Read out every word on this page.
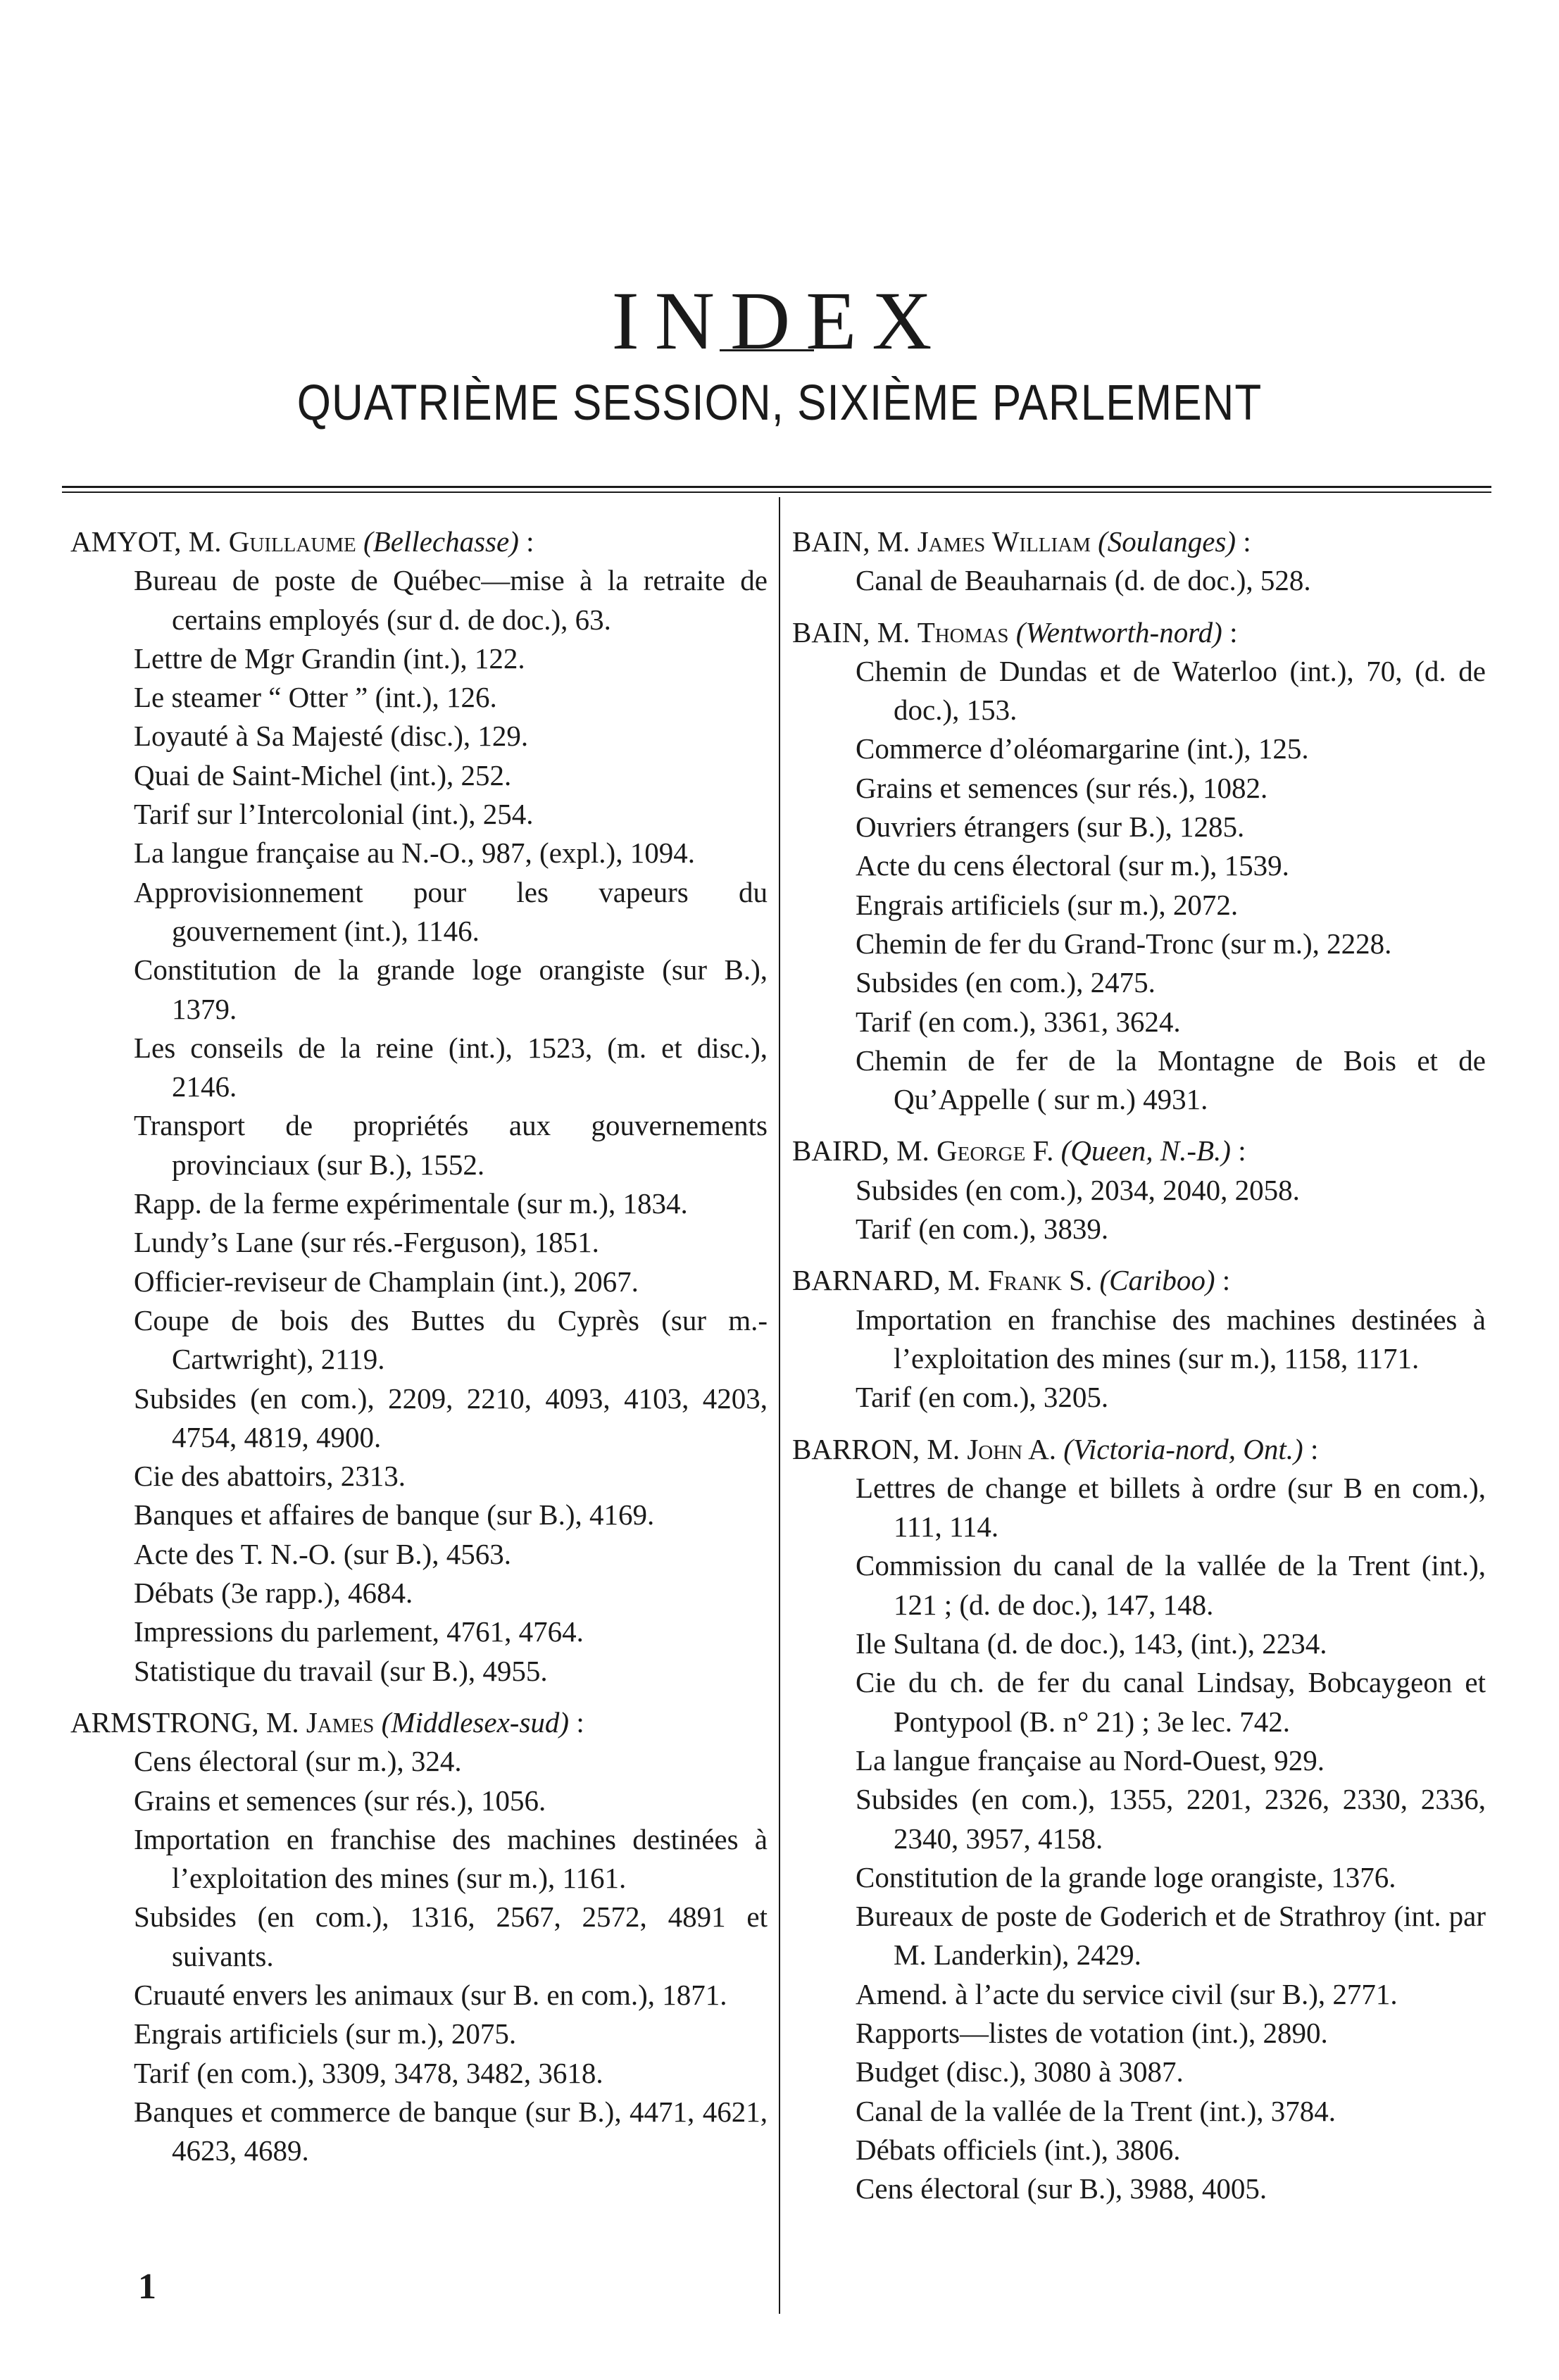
INDEX
QUATRIÈME SESSION, SIXIÈME PARLEMENT
AMYOT, M. Guillaume (Bellechasse) :
Bureau de poste de Québec—mise à la retraite de certains employés (sur d. de doc.), 63.
Lettre de Mgr Grandin (int.), 122.
Le steamer “ Otter ” (int.), 126.
Loyauté à Sa Majesté (disc.), 129.
Quai de Saint-Michel (int.), 252.
Tarif sur l’Intercolonial (int.), 254.
La langue française au N.-O., 987, (expl.), 1094.
Approvisionnement pour les vapeurs du gouvernement (int.), 1146.
Constitution de la grande loge orangiste (sur B.), 1379.
Les conseils de la reine (int.), 1523, (m. et disc.), 2146.
Transport de propriétés aux gouvernements provinciaux (sur B.), 1552.
Rapp. de la ferme expérimentale (sur m.), 1834.
Lundy’s Lane (sur rés.-Ferguson), 1851.
Officier-reviseur de Champlain (int.), 2067.
Coupe de bois des Buttes du Cyprès (sur m.-Cartwright), 2119.
Subsides (en com.), 2209, 2210, 4093, 4103, 4203, 4754, 4819, 4900.
Cie des abattoirs, 2313.
Banques et affaires de banque (sur B.), 4169.
Acte des T. N.-O. (sur B.), 4563.
Débats (3e rapp.), 4684.
Impressions du parlement, 4761, 4764.
Statistique du travail (sur B.), 4955.
ARMSTRONG, M. James (Middlesex-sud) :
Cens électoral (sur m.), 324.
Grains et semences (sur rés.), 1056.
Importation en franchise des machines destinées à l’exploitation des mines (sur m.), 1161.
Subsides (en com.), 1316, 2567, 2572, 4891 et suivants.
Cruauté envers les animaux (sur B. en com.), 1871.
Engrais artificiels (sur m.), 2075.
Tarif (en com.), 3309, 3478, 3482, 3618.
Banques et commerce de banque (sur B.), 4471, 4621, 4623, 4689.
BAIN, M. James William (Soulanges) :
Canal de Beauharnais (d. de doc.), 528.
BAIN, M. Thomas (Wentworth-nord) :
Chemin de Dundas et de Waterloo (int.), 70, (d. de doc.), 153.
Commerce d’oléomargarine (int.), 125.
Grains et semences (sur rés.), 1082.
Ouvriers étrangers (sur B.), 1285.
Acte du cens électoral (sur m.), 1539.
Engrais artificiels (sur m.), 2072.
Chemin de fer du Grand-Tronc (sur m.), 2228.
Subsides (en com.), 2475.
Tarif (en com.), 3361, 3624.
Chemin de fer de la Montagne de Bois et de Qu’Appelle ( sur m.) 4931.
BAIRD, M. George F. (Queen, N.-B.) :
Subsides (en com.), 2034, 2040, 2058.
Tarif (en com.), 3839.
BARNARD, M. Frank S. (Cariboo) :
Importation en franchise des machines destinées à l’exploitation des mines (sur m.), 1158, 1171.
Tarif (en com.), 3205.
BARRON, M. John A. (Victoria-nord, Ont.) :
Lettres de change et billets à ordre (sur B en com.), 111, 114.
Commission du canal de la vallée de la Trent (int.), 121 ; (d. de doc.), 147, 148.
Ile Sultana (d. de doc.), 143, (int.), 2234.
Cie du ch. de fer du canal Lindsay, Bobcaygeon et Pontypool (B. n° 21) ; 3e lec. 742.
La langue française au Nord-Ouest, 929.
Subsides (en com.), 1355, 2201, 2326, 2330, 2336, 2340, 3957, 4158.
Constitution de la grande loge orangiste, 1376.
Bureaux de poste de Goderich et de Strathroy (int. par M. Landerkin), 2429.
Amend. à l’acte du service civil (sur B.), 2771.
Rapports—listes de votation (int.), 2890.
Budget (disc.), 3080 à 3087.
Canal de la vallée de la Trent (int.), 3784.
Débats officiels (int.), 3806.
Cens électoral (sur B.), 3988, 4005.
1
